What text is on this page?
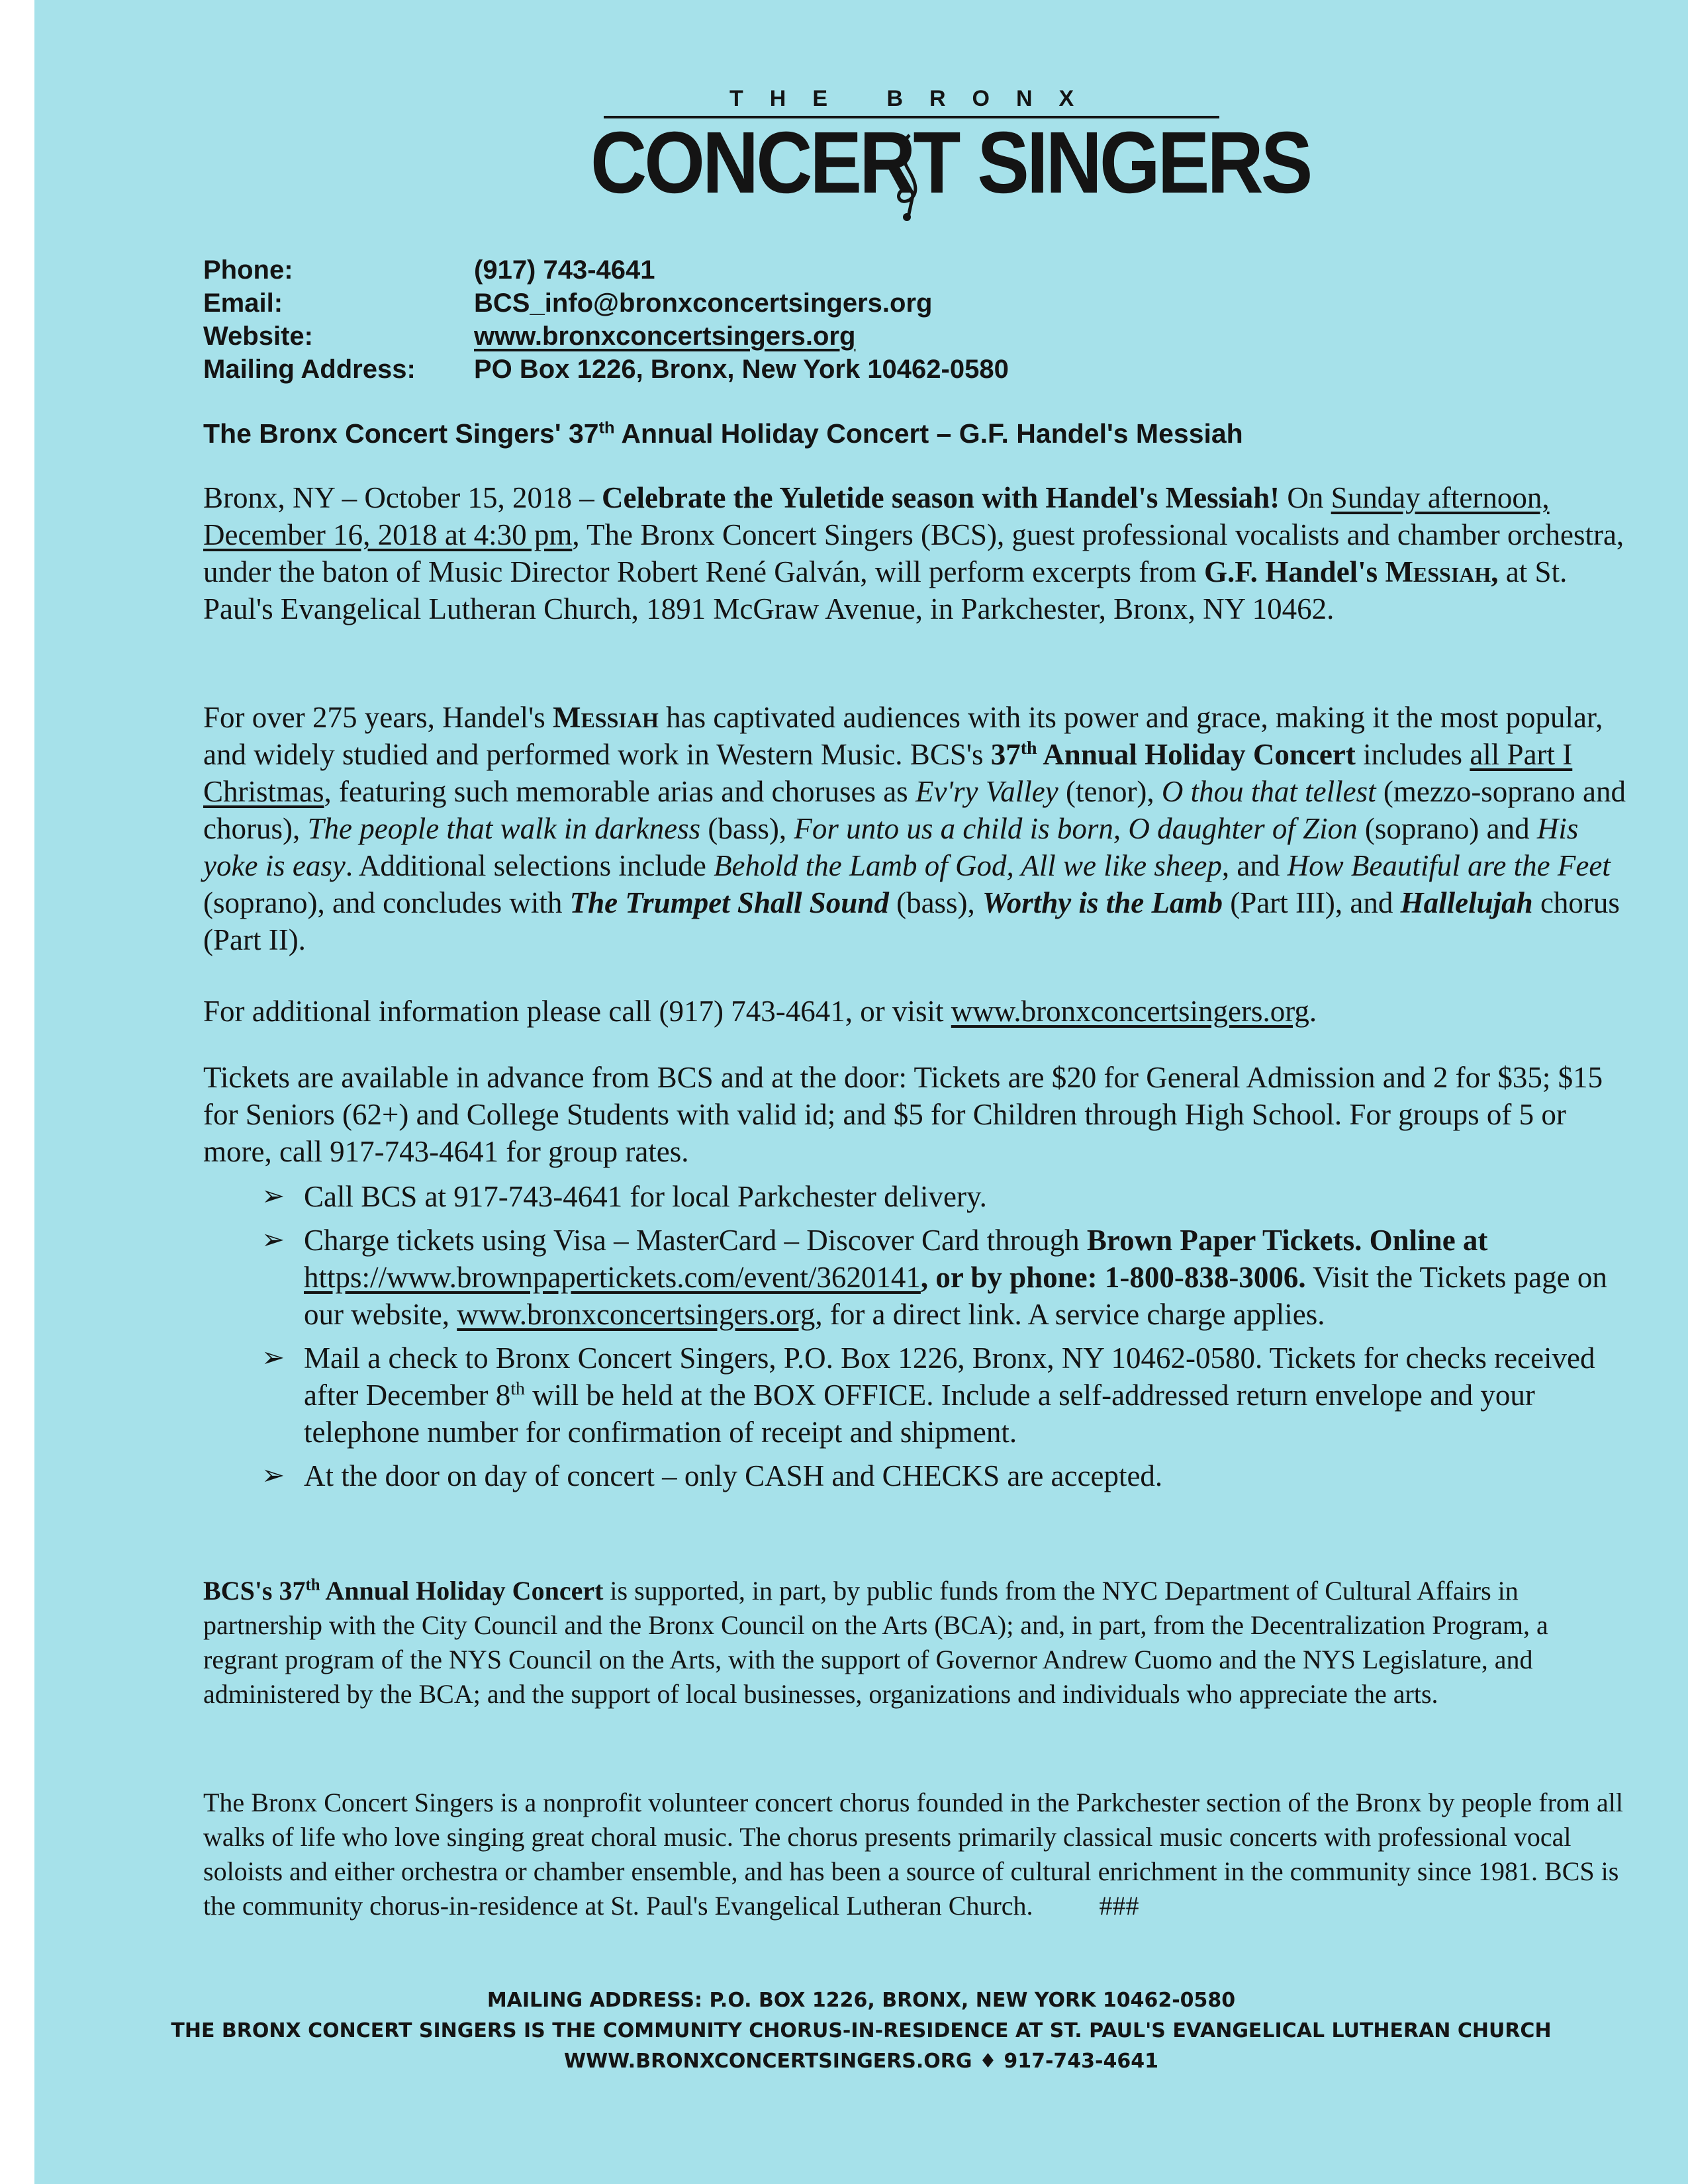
THE BRONX
CONCERT SINGERS
Phone:	(917) 743-4641
Email:	BCS_info@bronxconcertsingers.org
Website:	www.bronxconcertsingers.org
Mailing Address: PO Box 1226, Bronx, New York 10462-0580
The Bronx Concert Singers' 37th Annual Holiday Concert – G.F. Handel's Messiah
Bronx, NY – October 15, 2018 – Celebrate the Yuletide season with Handel's Messiah! On Sunday afternoon, December 16, 2018 at 4:30 pm, The Bronx Concert Singers (BCS), guest professional vocalists and chamber orchestra, under the baton of Music Director Robert René Galván, will perform excerpts from G.F. Handel's Messiah, at St. Paul's Evangelical Lutheran Church, 1891 McGraw Avenue, in Parkchester, Bronx, NY 10462.
For over 275 years, Handel's Messiah has captivated audiences with its power and grace, making it the most popular, and widely studied and performed work in Western Music. BCS's 37th Annual Holiday Concert includes all Part I Christmas, featuring such memorable arias and choruses as Ev'ry Valley (tenor), O thou that tellest (mezzo-soprano and chorus), The people that walk in darkness (bass), For unto us a child is born, O daughter of Zion (soprano) and His yoke is easy. Additional selections include Behold the Lamb of God, All we like sheep, and How Beautiful are the Feet (soprano), and concludes with The Trumpet Shall Sound (bass), Worthy is the Lamb (Part III), and Hallelujah chorus (Part II).
For additional information please call (917) 743-4641, or visit www.bronxconcertsingers.org.
Tickets are available in advance from BCS and at the door: Tickets are $20 for General Admission and 2 for $35; $15 for Seniors (62+) and College Students with valid id; and $5 for Children through High School. For groups of 5 or more, call 917-743-4641 for group rates.
➢ Call BCS at 917-743-4641 for local Parkchester delivery.
➢ Charge tickets using Visa – MasterCard – Discover Card through Brown Paper Tickets. Online at https://www.brownpapertickets.com/event/3620141, or by phone: 1-800-838-3006. Visit the Tickets page on our website, www.bronxconcertsingers.org, for a direct link. A service charge applies.
➢ Mail a check to Bronx Concert Singers, P.O. Box 1226, Bronx, NY 10462-0580. Tickets for checks received after December 8th will be held at the BOX OFFICE. Include a self-addressed return envelope and your telephone number for confirmation of receipt and shipment.
➢ At the door on day of concert – only CASH and CHECKS are accepted.
BCS's 37th Annual Holiday Concert is supported, in part, by public funds from the NYC Department of Cultural Affairs in partnership with the City Council and the Bronx Council on the Arts (BCA); and, in part, from the Decentralization Program, a regrant program of the NYS Council on the Arts, with the support of Governor Andrew Cuomo and the NYS Legislature, and administered by the BCA; and the support of local businesses, organizations and individuals who appreciate the arts.
The Bronx Concert Singers is a nonprofit volunteer concert chorus founded in the Parkchester section of the Bronx by people from all walks of life who love singing great choral music. The chorus presents primarily classical music concerts with professional vocal soloists and either orchestra or chamber ensemble, and has been a source of cultural enrichment in the community since 1981. BCS is the community chorus-in-residence at St. Paul's Evangelical Lutheran Church.	###
MAILING ADDRESS: P.O. BOX 1226, BRONX, NEW YORK 10462-0580
THE BRONX CONCERT SINGERS IS THE COMMUNITY CHORUS-IN-RESIDENCE AT ST. PAUL'S EVANGELICAL LUTHERAN CHURCH
WWW.BRONXCONCERTSINGERS.ORG ♦ 917-743-4641
